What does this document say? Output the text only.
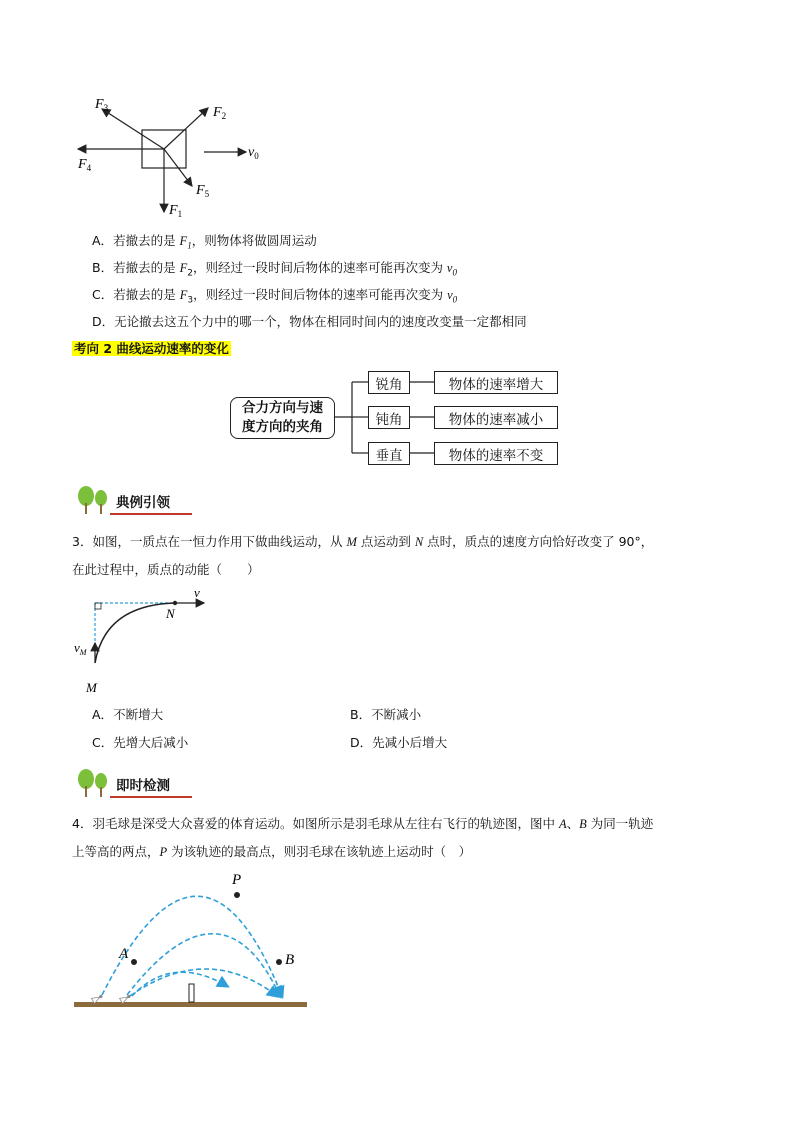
$F_3$	$F_2$
$F_4$
$F_5$
$F_1$
$v_0$
A．若撤去的是 $F_1$，则物体将做圆周运动
B．若撤去的是 $F_2$，则经过一段时间后物体的速率可能再次变为 $v_0$
C．若撤去的是 $F_3$，则经过一段时间后物体的速率可能再次变为 $v_0$
D．无论撤去这五个力中的哪一个，物体在相同时间内的速度改变量一定都相同
考向 2 曲线运动速率的变化
合力方向与速
度方向的夹角
锐角
钝角
垂直
物体的速率增大
物体的速率减小
物体的速率不变
典例引领
3．如图，一质点在一恒力作用下做曲线运动，从 M 点运动到 N 点时，质点的速度方向恰好改变了 90°，
在此过程中，质点的动能（　　）
v
N
$v_M$
M
A．不断增大	B．不断减小
C．先增大后减小	D．先减小后增大
即时检测
4．羽毛球是深受大众喜爱的体育运动。如图所示是羽毛球从左往右飞行的轨迹图，图中 A、B 为同一轨迹
上等高的两点，P 为该轨迹的最高点，则羽毛球在该轨迹上运动时（　）
P
A	B
